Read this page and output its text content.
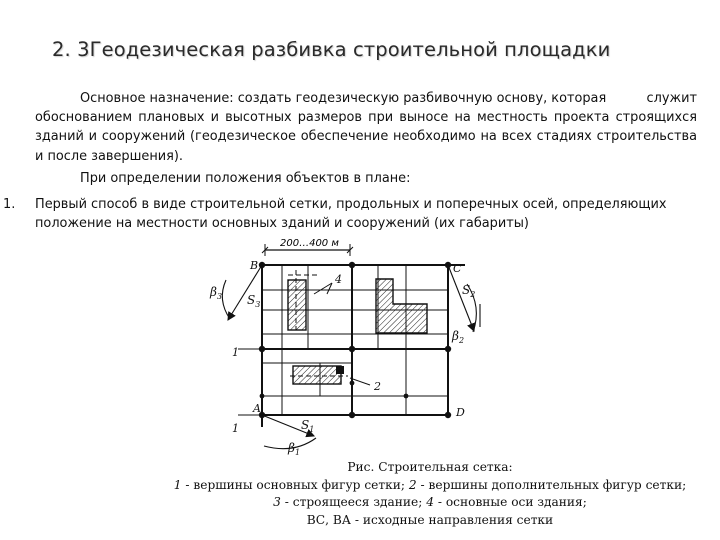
2. 3Геодезическая разбивка строительной площадки

Основное назначение: создать геодезическую разбивочную основу, которая	служит обоснованием плановых и высотных размеров при выносе на местность проекта строящихся зданий и сооружений (геодезическое обеспечение необходимо на всех стадиях строительства и после завершения).

При определении положения объектов в плане:

1. Первый способ в виде строительной сетки, продольных и поперечных осей, определяющих положение на местности основных зданий и сооружений (их габариты)
200…400 м
B	C
A	D
4
1
1
2
$\beta_3$ $S_3$
$S_2$
$\beta_2$
$S_1$
$\beta_1$
Рис. Строительная сетка:
1 - вершины основных фигур сетки; 2 - вершины дополнительных фигур сетки;
3 - строящееся здание; 4 - основные оси здания;
ВС, ВА - исходные направления сетки
